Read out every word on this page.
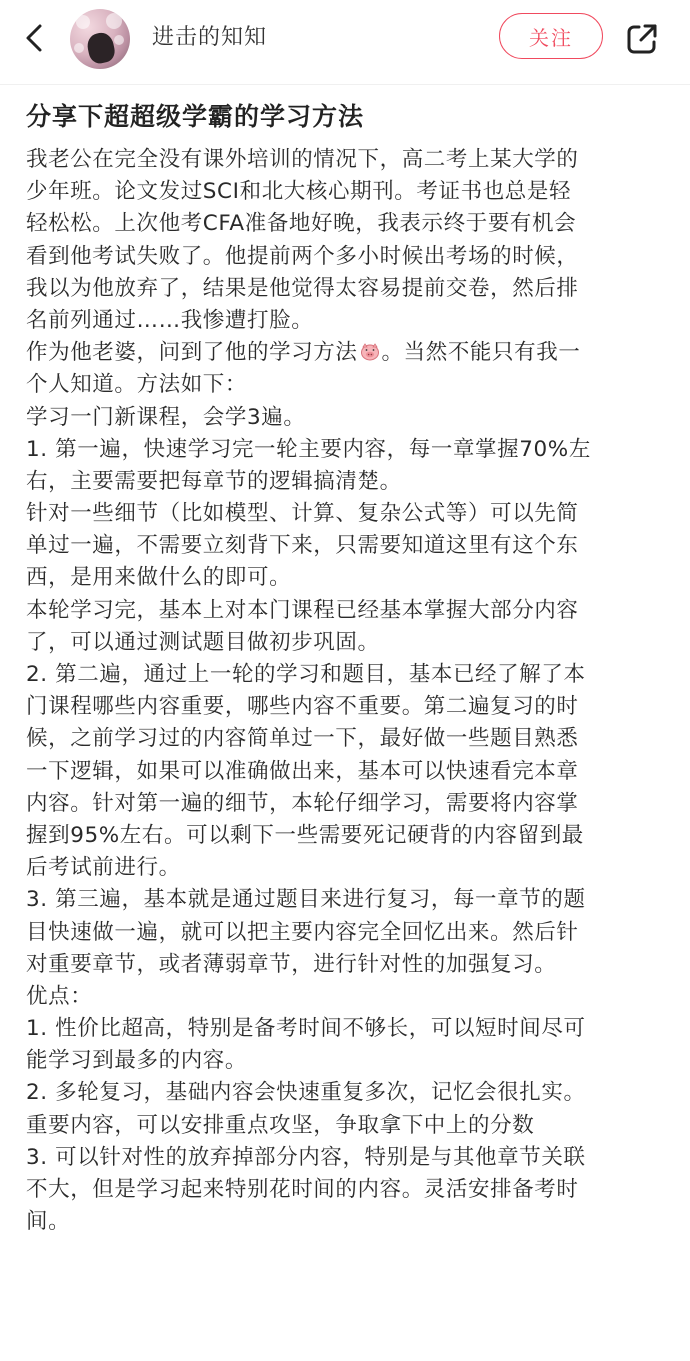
进击的知知	关注
分享下超超级学霸的学习方法
我老公在完全没有课外培训的情况下，高二考上某大学的
少年班。论文发过SCI和北大核心期刊。考证书也总是轻
轻松松。上次他考CFA准备地好晚，我表示终于要有机会
看到他考试失败了。他提前两个多小时候出考场的时候，
我以为他放弃了，结果是他觉得太容易提前交卷，然后排
名前列通过……我惨遭打脸。
作为他老婆，问到了他的学习方法 。当然不能只有我一
个人知道。方法如下：
学习一门新课程，会学3遍。
1. 第一遍，快速学习完一轮主要内容，每一章掌握70%左
右，主要需要把每章节的逻辑搞清楚。
针对一些细节（比如模型、计算、复杂公式等）可以先简
单过一遍，不需要立刻背下来，只需要知道这里有这个东
西，是用来做什么的即可。
本轮学习完，基本上对本门课程已经基本掌握大部分内容
了，可以通过测试题目做初步巩固。
2. 第二遍，通过上一轮的学习和题目，基本已经了解了本
门课程哪些内容重要，哪些内容不重要。第二遍复习的时
候，之前学习过的内容简单过一下，最好做一些题目熟悉
一下逻辑，如果可以准确做出来，基本可以快速看完本章
内容。针对第一遍的细节，本轮仔细学习，需要将内容掌
握到95%左右。可以剩下一些需要死记硬背的内容留到最
后考试前进行。
3. 第三遍，基本就是通过题目来进行复习，每一章节的题
目快速做一遍，就可以把主要内容完全回忆出来。然后针
对重要章节，或者薄弱章节，进行针对性的加强复习。
优点：
1. 性价比超高，特别是备考时间不够长，可以短时间尽可
能学习到最多的内容。
2. 多轮复习，基础内容会快速重复多次，记忆会很扎实。
重要内容，可以安排重点攻坚，争取拿下中上的分数
3. 可以针对性的放弃掉部分内容，特别是与其他章节关联
不大，但是学习起来特别花时间的内容。灵活安排备考时
间。
